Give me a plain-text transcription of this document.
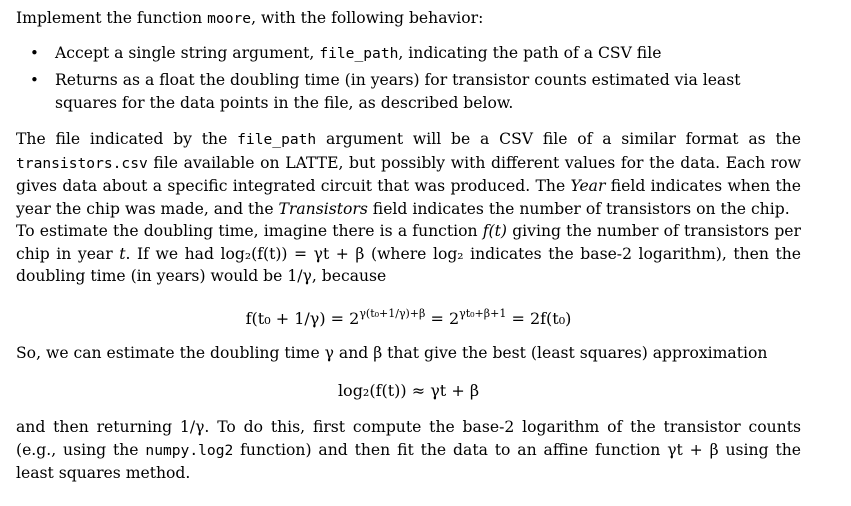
Implement the function moore, with the following behavior:

• Accept a single string argument, file_path, indicating the path of a CSV file
• Returns as a float the doubling time (in years) for transistor counts estimated via least squares for the data points in the file, as described below.

The file indicated by the file_path argument will be a CSV file of a similar format as the transistors.csv file available on LATTE, but possibly with different values for the data. Each row gives data about a specific integrated circuit that was produced. The Year field indicates when the year the chip was made, and the Transistors field indicates the number of transistors on the chip.

To estimate the doubling time, imagine there is a function f(t) giving the number of transistors per chip in year t. If we had log₂(f(t)) = γt + β (where log₂ indicates the base-2 logarithm), then the doubling time (in years) would be 1/γ, because

$f(t_0 + 1/\gamma) = 2^{\gamma(t_0+1/\gamma)+\beta} = 2^{\gamma t_0+\beta+1} = 2f(t_0)$

So, we can estimate the doubling time γ and β that give the best (least squares) approximation

log₂(f(t)) ≈ γt + β

and then returning 1/γ. To do this, first compute the base-2 logarithm of the transistor counts (e.g., using the numpy.log2 function) and then fit the data to an affine function γt + β using the least squares method.
